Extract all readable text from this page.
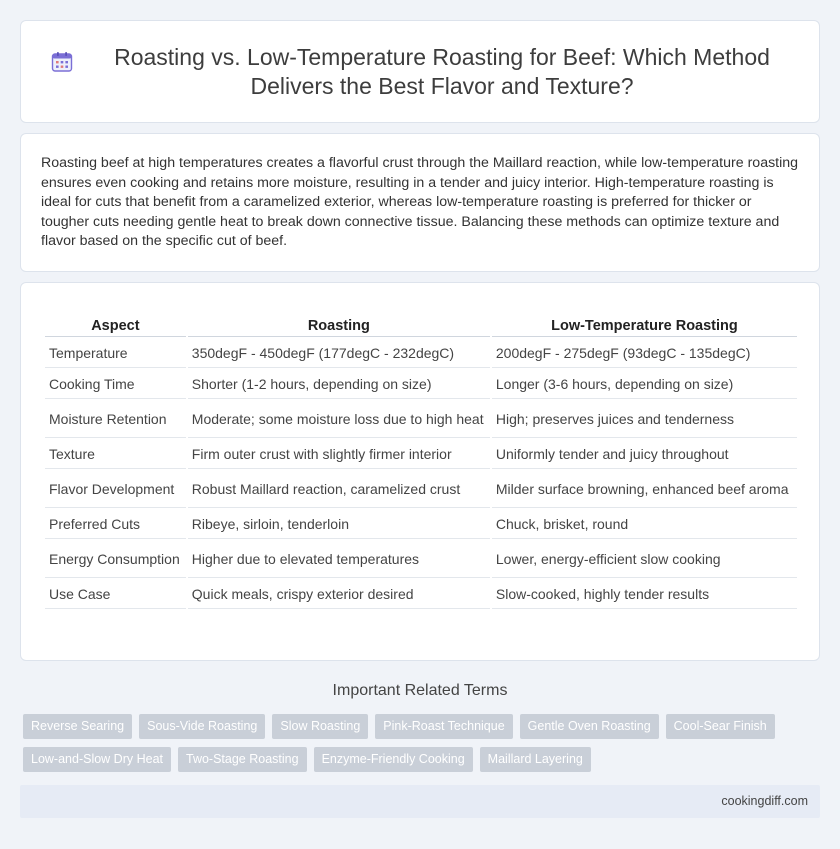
Roasting vs. Low-Temperature Roasting for Beef: Which Method Delivers the Best Flavor and Texture?

Roasting beef at high temperatures creates a flavorful crust through the Maillard reaction, while low-temperature roasting ensures even cooking and retains more moisture, resulting in a tender and juicy interior. High-temperature roasting is ideal for cuts that benefit from a caramelized exterior, whereas low-temperature roasting is preferred for thicker or tougher cuts needing gentle heat to break down connective tissue. Balancing these methods can optimize texture and flavor based on the specific cut of beef.

Aspect	Roasting	Low-Temperature Roasting
Temperature	350degF - 450degF (177degC - 232degC)	200degF - 275degF (93degC - 135degC)
Cooking Time	Shorter (1-2 hours, depending on size)	Longer (3-6 hours, depending on size)
Moisture Retention	Moderate; some moisture loss due to high heat	High; preserves juices and tenderness
Texture	Firm outer crust with slightly firmer interior	Uniformly tender and juicy throughout
Flavor Development	Robust Maillard reaction, caramelized crust	Milder surface browning, enhanced beef aroma
Preferred Cuts	Ribeye, sirloin, tenderloin	Chuck, brisket, round
Energy Consumption	Higher due to elevated temperatures	Lower, energy-efficient slow cooking
Use Case	Quick meals, crispy exterior desired	Slow-cooked, highly tender results
Important Related Terms
Reverse Searing	Sous-Vide Roasting	Slow Roasting	Pink-Roast Technique	Gentle Oven Roasting	Cool-Sear Finish
Low-and-Slow Dry Heat	Two-Stage Roasting	Enzyme-Friendly Cooking	Maillard Layering
cookingdiff.com
